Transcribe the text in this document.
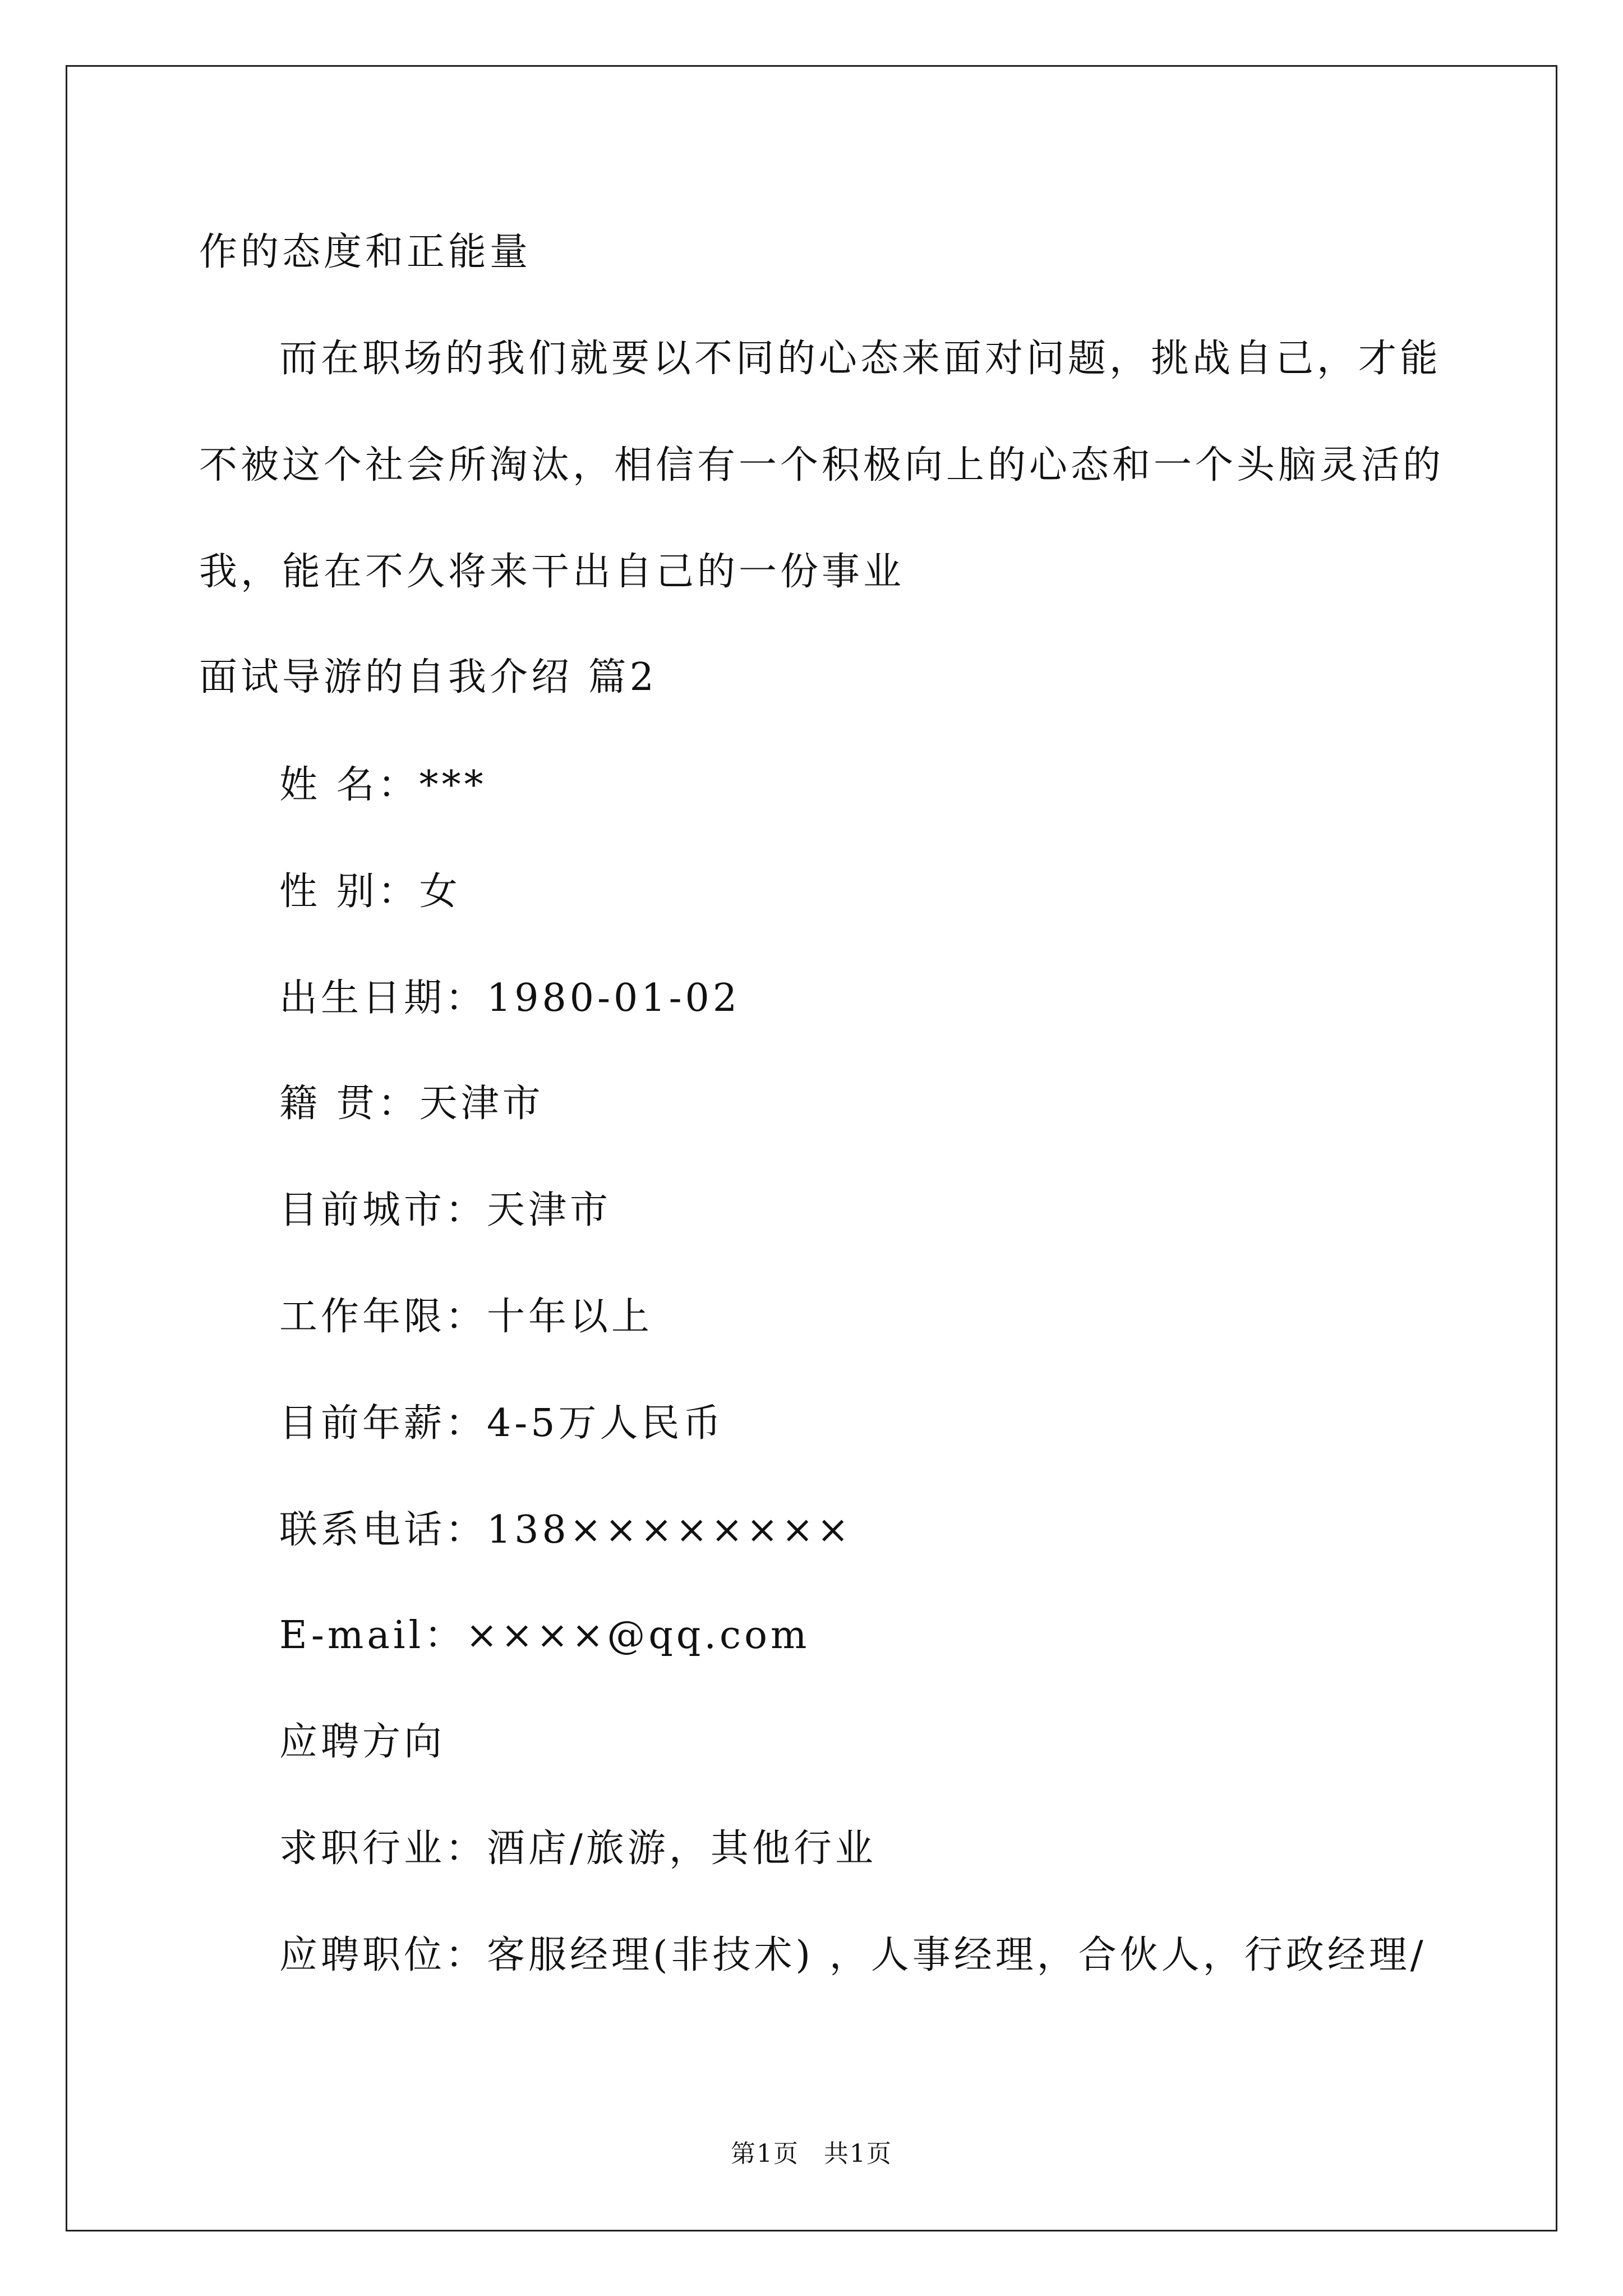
作的态度和正能量
而在职场的我们就要以不同的心态来面对问题，挑战自己，才能
不被这个社会所淘汰，相信有一个积极向上的心态和一个头脑灵活的
我，能在不久将来干出自己的一份事业
面试导游的自我介绍 篇2
姓 名：***
性 别：女
出生日期：1980-01-02
籍 贯：天津市
目前城市：天津市
工作年限：十年以上
目前年薪：4-5万人民币
联系电话：138××××××××
E-mail：××××@qq.com
应聘方向
求职行业：酒店/旅游，其他行业
应聘职位：客服经理(非技术) ，人事经理，合伙人，行政经理/
第1页 共1页
